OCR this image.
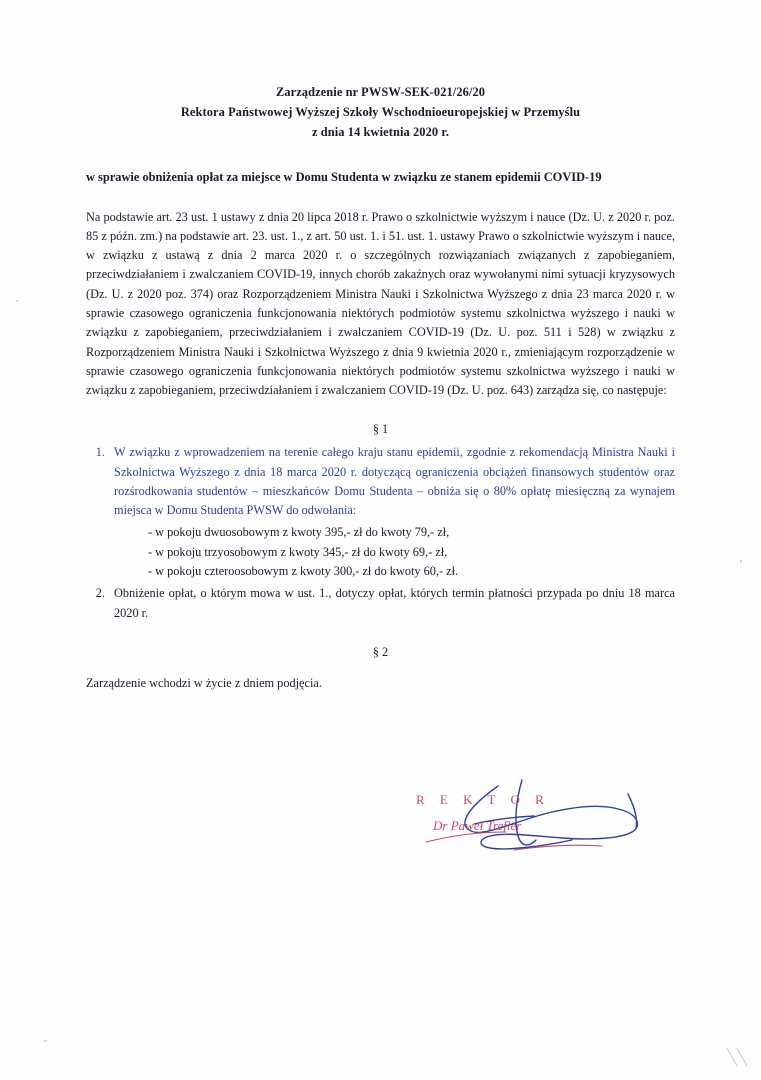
Zarządzenie nr PWSW-SEK-021/26/20
Rektora Państwowej Wyższej Szkoły Wschodnioeuropejskiej w Przemyślu
z dnia 14 kwietnia 2020 r.
w sprawie obniżenia opłat za miejsce w Domu Studenta w związku ze stanem epidemii COVID-19
Na podstawie art. 23 ust. 1 ustawy z dnia 20 lipca 2018 r. Prawo o szkolnictwie wyższym i nauce (Dz. U. z 2020 r. poz. 85 z późn. zm.) na podstawie art. 23. ust. 1., z art. 50 ust. 1. i 51. ust. 1. ustawy Prawo o szkolnictwie wyższym i nauce, w związku z ustawą z dnia 2 marca 2020 r. o szczególnych rozwiązaniach związanych z zapobieganiem, przeciwdziałaniem i zwalczaniem COVID-19, innych chorób zakaźnych oraz wywołanymi nimi sytuacji kryzysowych (Dz. U. z 2020 poz. 374) oraz Rozporządzeniem Ministra Nauki i Szkolnictwa Wyższego z dnia 23 marca 2020 r. w sprawie czasowego ograniczenia funkcjonowania niektórych podmiotów systemu szkolnictwa wyższego i nauki w związku z zapobieganiem, przeciwdziałaniem i zwalczaniem COVID-19 (Dz. U. poz. 511 i 528) w związku z Rozporządzeniem Ministra Nauki i Szkolnictwa Wyższego z dnia 9 kwietnia 2020 r., zmieniającym rozporządzenie w sprawie czasowego ograniczenia funkcjonowania niektórych podmiotów systemu szkolnictwa wyższego i nauki w związku z zapobieganiem, przeciwdziałaniem i zwalczaniem COVID-19 (Dz. U. poz. 643) zarządza się, co następuje:
§ 1
1. W związku z wprowadzeniem na terenie całego kraju stanu epidemii, zgodnie z rekomendacją Ministra Nauki i Szkolnictwa Wyższego z dnia 18 marca 2020 r. dotyczącą ograniczenia obciążeń finansowych studentów oraz rozśrodkowania studentów – mieszkańców Domu Studenta – obniża się o 80% opłatę miesięczną za wynajem miejsca w Domu Studenta PWSW do odwołania:
- w pokoju dwuosobowym z kwoty 395,- zł do kwoty 79,- zł,
- w pokoju trzyosobowym z kwoty 345,- zł do kwoty 69,- zł,
- w pokoju czteroosobowym z kwoty 300,- zł do kwoty 60,- zł.
2. Obniżenie opłat, o którym mowa w ust. 1., dotyczy opłat, których termin płatności przypada po dniu 18 marca 2020 r.
§ 2
Zarządzenie wchodzi w życie z dniem podjęcia.
R E K T O R
Dr Paweł Trefler
